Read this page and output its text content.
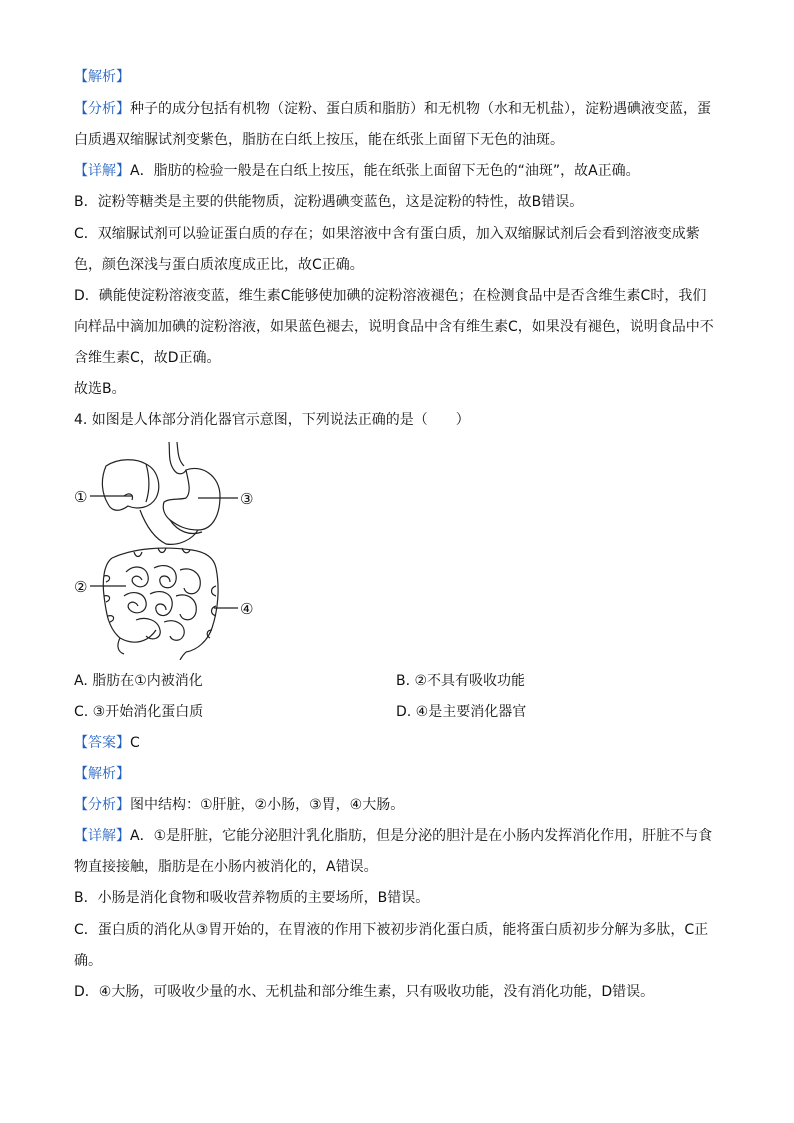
【解析】
【分析】种子的成分包括有机物（淀粉、蛋白质和脂肪）和无机物（水和无机盐），淀粉遇碘液变蓝，蛋
白质遇双缩脲试剂变紫色，脂肪在白纸上按压，能在纸张上面留下无色的油斑。
【详解】A．脂肪的检验一般是在白纸上按压，能在纸张上面留下无色的“油斑”，故A正确。
B．淀粉等糖类是主要的供能物质，淀粉遇碘变蓝色，这是淀粉的特性，故B错误。
C．双缩脲试剂可以验证蛋白质的存在；如果溶液中含有蛋白质，加入双缩脲试剂后会看到溶液变成紫
色，颜色深浅与蛋白质浓度成正比，故C正确。
D．碘能使淀粉溶液变蓝，维生素C能够使加碘的淀粉溶液褪色；在检测食品中是否含维生素C时，我们
向样品中滴加加碘的淀粉溶液，如果蓝色褪去，说明食品中含有维生素C，如果没有褪色，说明食品中不
含维生素C，故D正确。
故选B。
4. 如图是人体部分消化器官示意图，下列说法正确的是（　　）
①
②
③
④
A. 脂肪在①内被消化	B. ②不具有吸收功能
C. ③开始消化蛋白质	D. ④是主要消化器官
【答案】C
【解析】
【分析】图中结构：①肝脏，②小肠，③胃，④大肠。
【详解】A．①是肝脏，它能分泌胆汁乳化脂肪，但是分泌的胆汁是在小肠内发挥消化作用，肝脏不与食
物直接接触，脂肪是在小肠内被消化的，A错误。
B．小肠是消化食物和吸收营养物质的主要场所，B错误。
C．蛋白质的消化从③胃开始的，在胃液的作用下被初步消化蛋白质，能将蛋白质初步分解为多肽，C正
确。
D．④大肠，可吸收少量的水、无机盐和部分维生素，只有吸收功能，没有消化功能，D错误。
